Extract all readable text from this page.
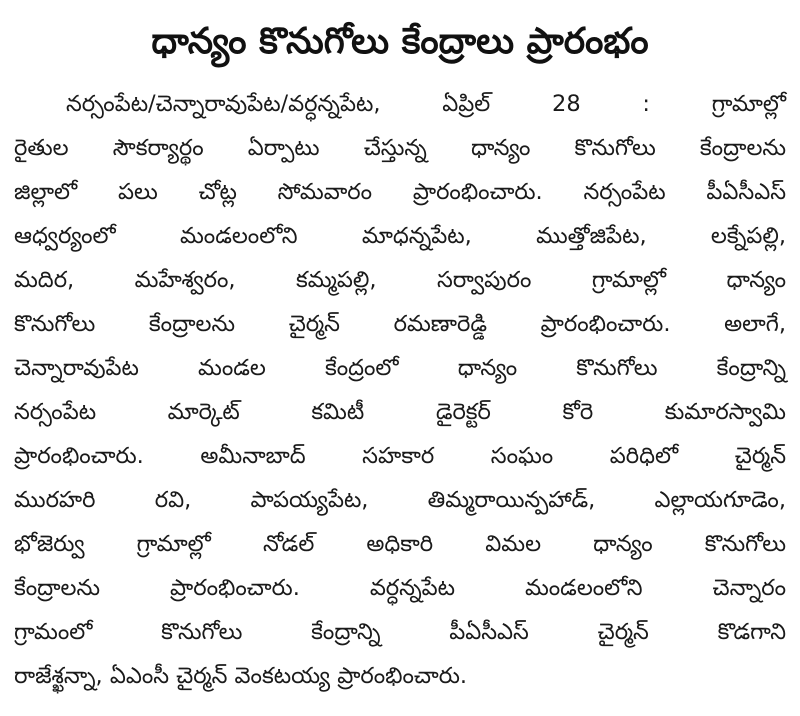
ధాన్యం కొనుగోలు కేంద్రాలు ప్రారంభం
నర్సంపేట/చెన్నారావుపేట/వర్ధన్నపేట, ఏప్రిల్ 28 : గ్రామాల్లో
రైతుల సౌకర్యార్థం ఏర్పాటు చేస్తున్న ధాన్యం కొనుగోలు కేంద్రాలను
జిల్లాలో పలు చోట్ల సోమవారం ప్రారంభించారు. నర్సంపేట పీఏసీఎస్
ఆధ్వర్యంలో మండలంలోని మాధన్నపేట, ముత్తోజిపేట, లక్నేపల్లి,
మదిర, మహేశ్వరం, కమ్మపల్లి, సర్వాపురం గ్రామాల్లో ధాన్యం
కొనుగోలు కేంద్రాలను చైర్మన్ రమణారెడ్డి ప్రారంభించారు. అలాగే,
చెన్నారావుపేట మండల కేంద్రంలో ధాన్యం కొనుగోలు కేంద్రాన్ని
నర్సంపేట మార్కెట్ కమిటీ డైరెక్టర్ కోరె కుమారస్వామి
ప్రారంభించారు. అమీనాబాద్ సహకార సంఘం పరిధిలో చైర్మన్
మురహరి రవి, పాపయ్యపేట, తిమ్మరాయిన్పహాడ్, ఎల్లాయగూడెం,
భోజెర్వు గ్రామాల్లో నోడల్ అధికారి విమల ధాన్యం కొనుగోలు
కేంద్రాలను ప్రారంభించారు. వర్ధన్నపేట మండలంలోని చెన్నారం
గ్రామంలో కొనుగోలు కేంద్రాన్ని పీఏసీఎస్ చైర్మన్ కొడగాని
రాజేశ్ఖన్నా, ఏఎంసీ చైర్మన్ వెంకటయ్య ప్రారంభించారు.
